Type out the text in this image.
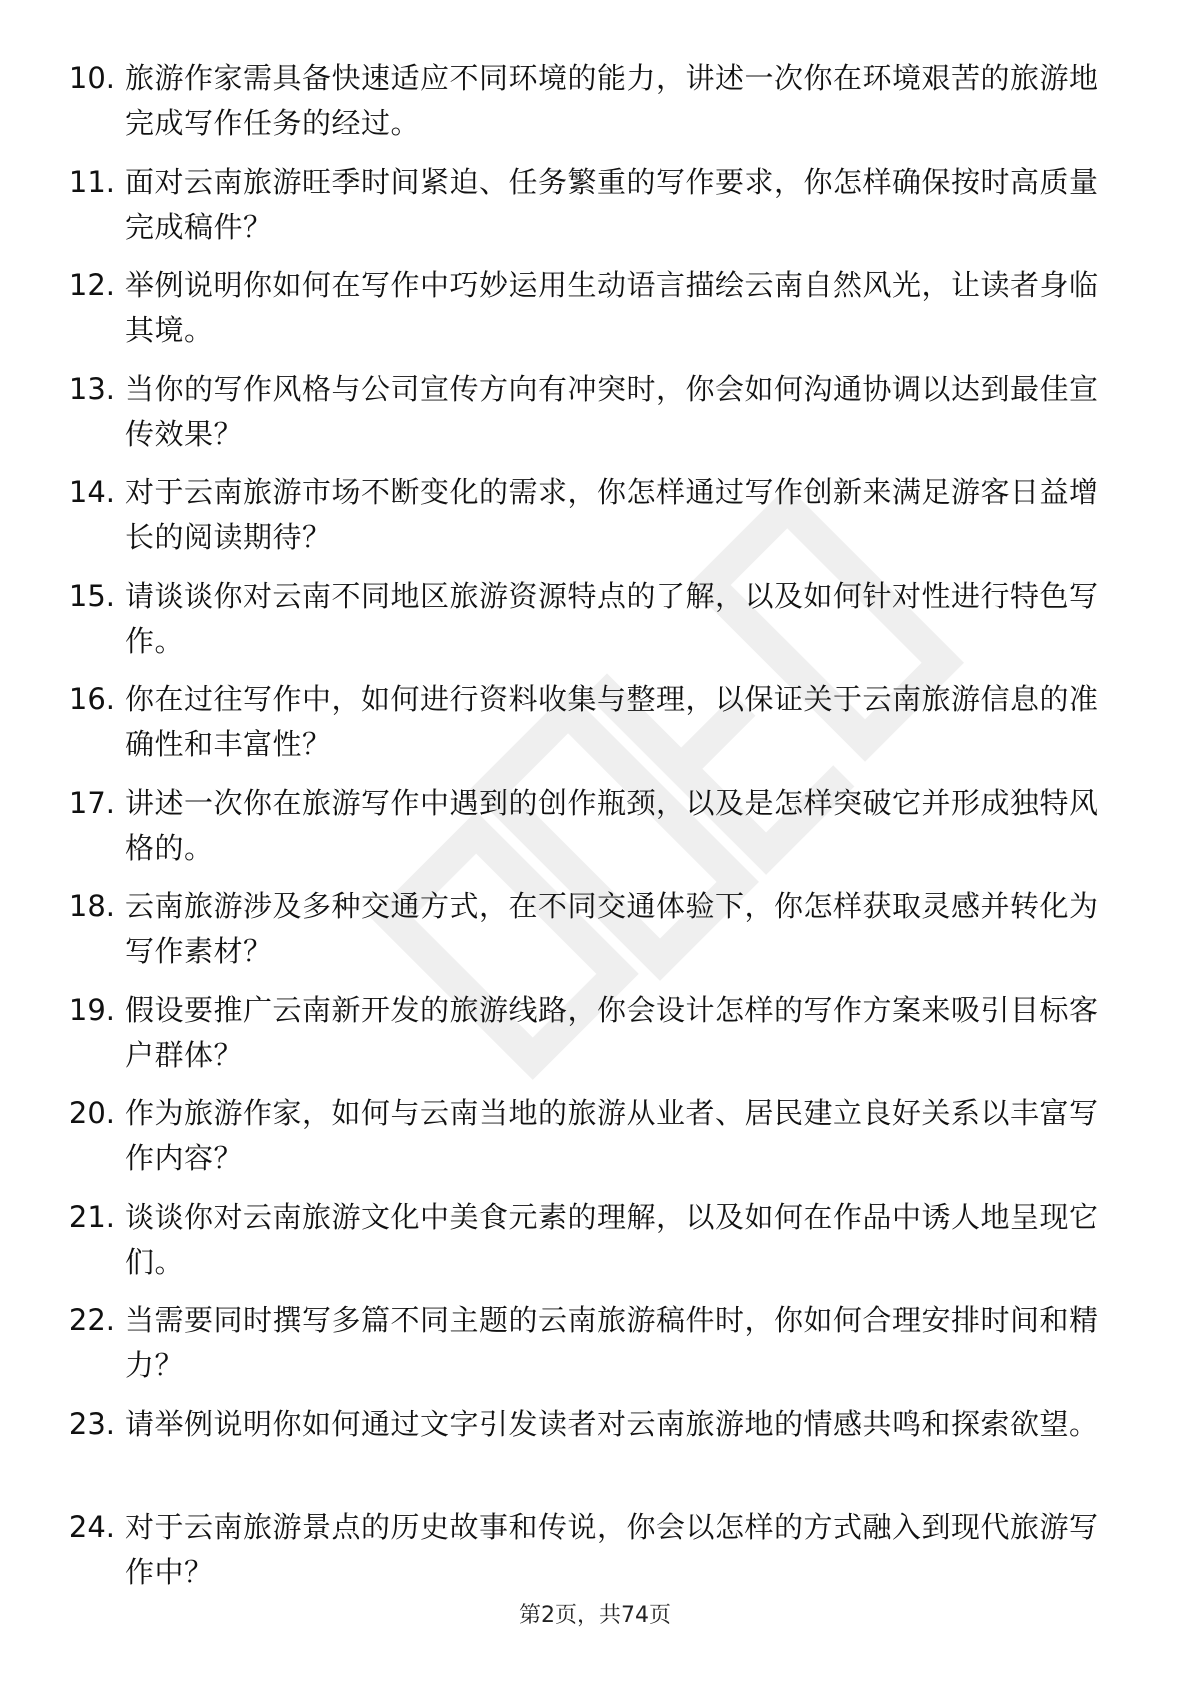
10. 旅游作家需具备快速适应不同环境的能力，讲述一次你在环境艰苦的旅游地完成写作任务的经过。
11. 面对云南旅游旺季时间紧迫、任务繁重的写作要求，你怎样确保按时高质量完成稿件？
12. 举例说明你如何在写作中巧妙运用生动语言描绘云南自然风光，让读者身临其境。
13. 当你的写作风格与公司宣传方向有冲突时，你会如何沟通协调以达到最佳宣传效果？
14. 对于云南旅游市场不断变化的需求，你怎样通过写作创新来满足游客日益增长的阅读期待？
15. 请谈谈你对云南不同地区旅游资源特点的了解，以及如何针对性进行特色写作。
16. 你在过往写作中，如何进行资料收集与整理，以保证关于云南旅游信息的准确性和丰富性？
17. 讲述一次你在旅游写作中遇到的创作瓶颈，以及是怎样突破它并形成独特风格的。
18. 云南旅游涉及多种交通方式，在不同交通体验下，你怎样获取灵感并转化为写作素材？
19. 假设要推广云南新开发的旅游线路，你会设计怎样的写作方案来吸引目标客户群体？
20. 作为旅游作家，如何与云南当地的旅游从业者、居民建立良好关系以丰富写作内容？
21. 谈谈你对云南旅游文化中美食元素的理解，以及如何在作品中诱人地呈现它们。
22. 当需要同时撰写多篇不同主题的云南旅游稿件时，你如何合理安排时间和精力？
23. 请举例说明你如何通过文字引发读者对云南旅游地的情感共鸣和探索欲望。
24. 对于云南旅游景点的历史故事和传说，你会以怎样的方式融入到现代旅游写作中？
第2页，共74页
